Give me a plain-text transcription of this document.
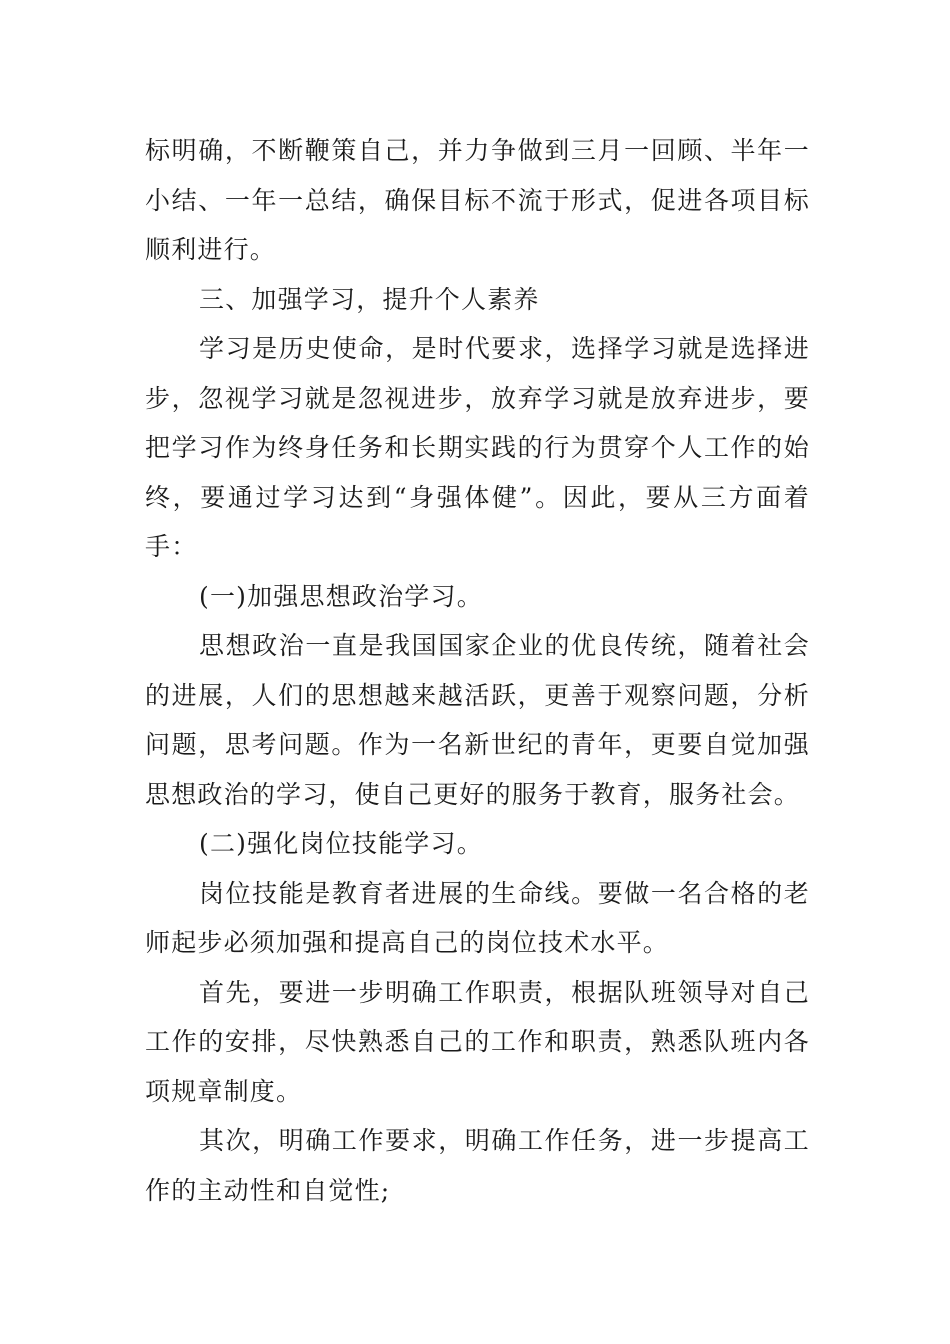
标明确，不断鞭策自己，并力争做到三月一回顾、半年一小结、一年一总结，确保目标不流于形式，促进各项目标顺利进行。

三、加强学习，提升个人素养

学习是历史使命，是时代要求，选择学习就是选择进步，忽视学习就是忽视进步，放弃学习就是放弃进步，要把学习作为终身任务和长期实践的行为贯穿个人工作的始终，要通过学习达到“身强体健”。因此，要从三方面着手：

(一)加强思想政治学习。

思想政治一直是我国国家企业的优良传统，随着社会的进展，人们的思想越来越活跃，更善于观察问题，分析问题，思考问题。作为一名新世纪的青年，更要自觉加强思想政治的学习，使自己更好的服务于教育，服务社会。

(二)强化岗位技能学习。

岗位技能是教育者进展的生命线。要做一名合格的老师起步必须加强和提高自己的岗位技术水平。

首先，要进一步明确工作职责，根据队班领导对自己工作的安排，尽快熟悉自己的工作和职责，熟悉队班内各项规章制度。

其次，明确工作要求，明确工作任务，进一步提高工作的主动性和自觉性;
